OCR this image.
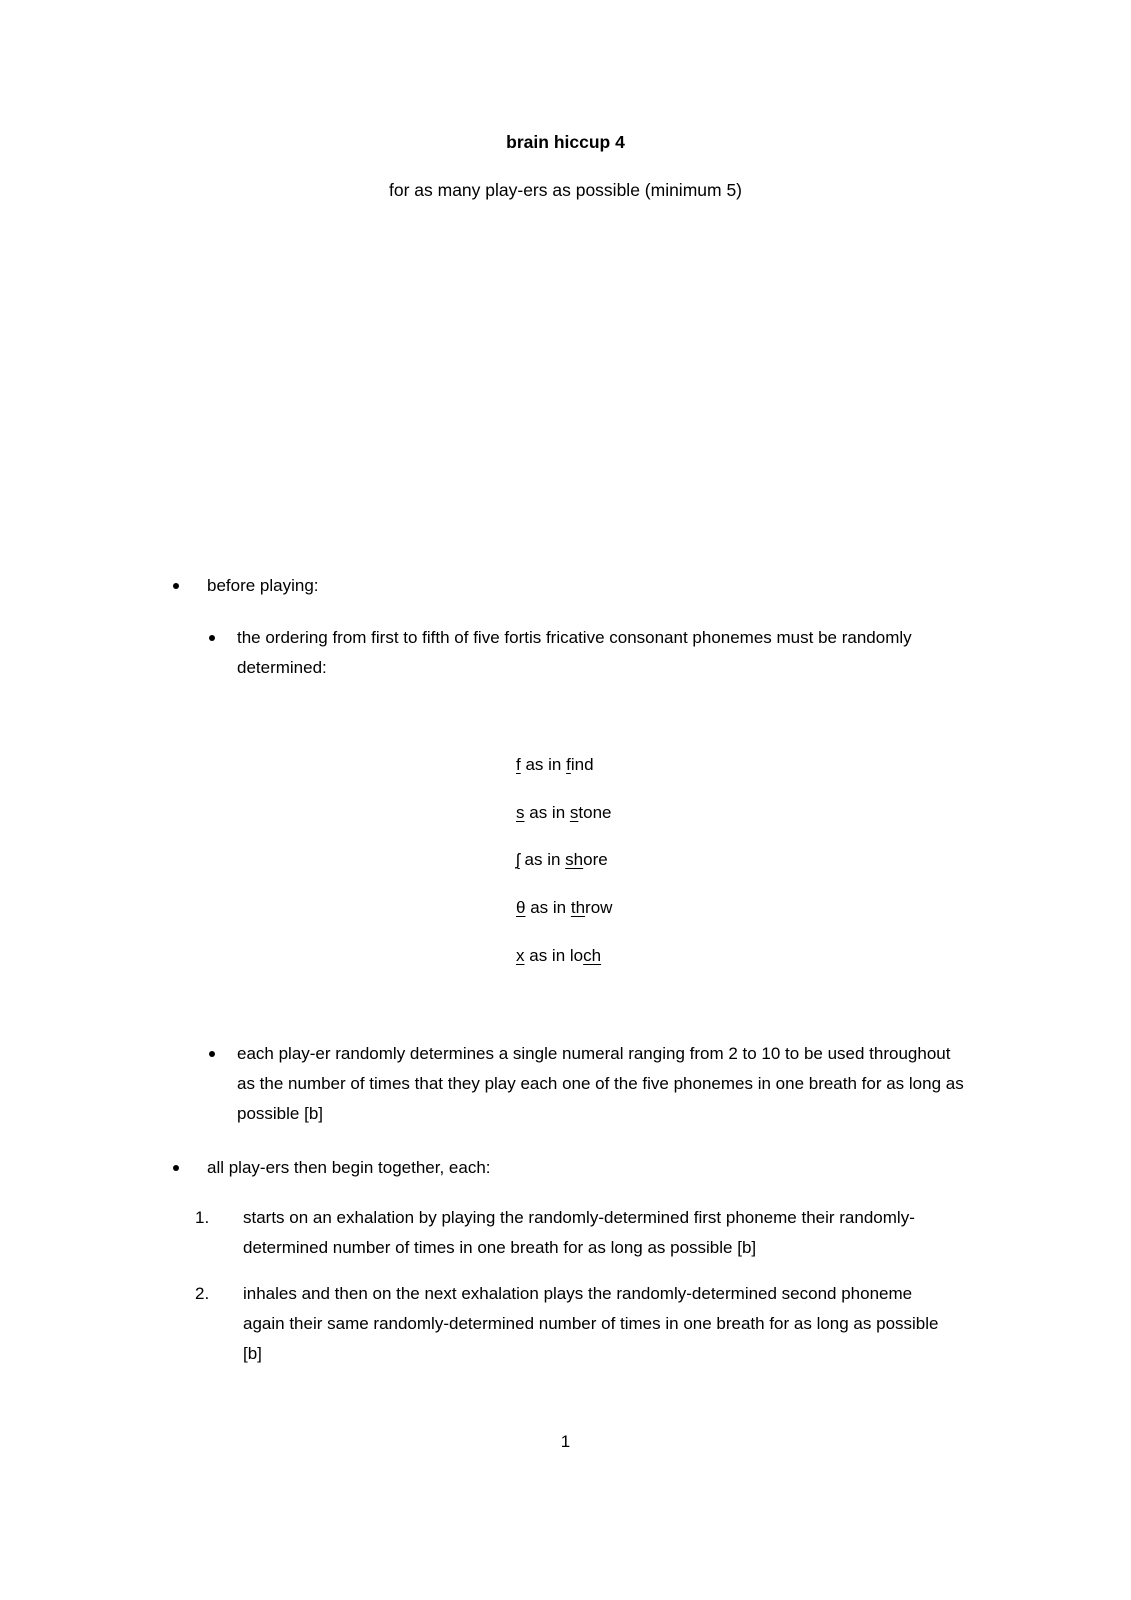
brain hiccup 4
for as many play-ers as possible (minimum 5)
before playing:
the ordering from first to fifth of five fortis fricative consonant phonemes must be randomly determined:
f as in find
s as in stone
ʃ as in shore
θ as in throw
x as in loch
each play-er randomly determines a single numeral ranging from 2 to 10 to be used throughout as the number of times that they play each one of the five phonemes in one breath for as long as possible [b]
all play-ers then begin together, each:
1.	starts on an exhalation by playing the randomly-determined first phoneme their randomly-determined number of times in one breath for as long as possible [b]
2.	inhales and then on the next exhalation plays the randomly-determined second phoneme again their same randomly-determined number of times in one breath for as long as possible [b]
1
